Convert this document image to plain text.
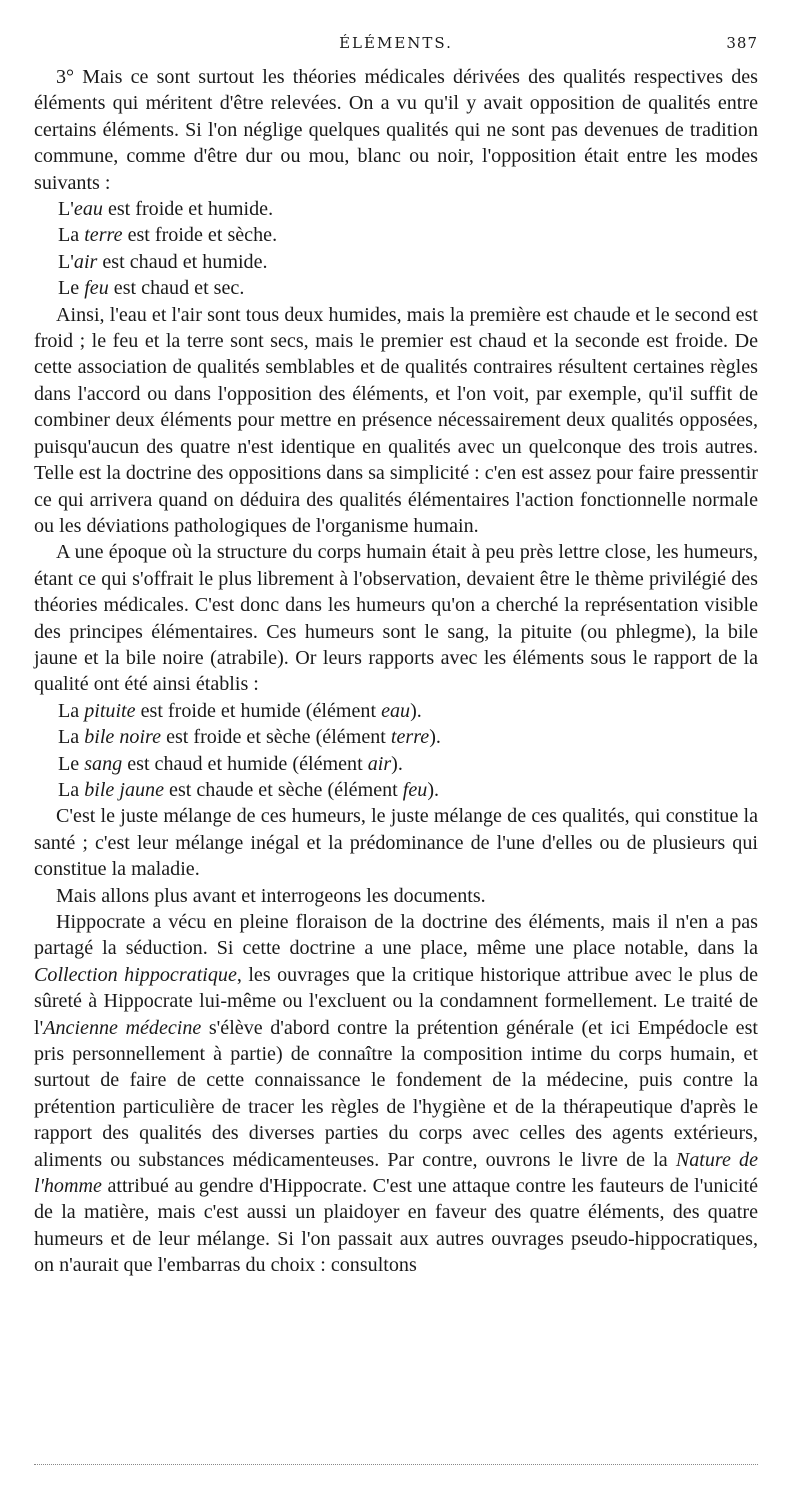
ÉLÉMENTS.	387

3° Mais ce sont surtout les théories médicales dérivées des qualités respectives des éléments qui méritent d'être relevées. On a vu qu'il y avait opposition de qualités entre certains éléments. Si l'on néglige quelques qualités qui ne sont pas devenues de tradition commune, comme d'être dur ou mou, blanc ou noir, l'opposition était entre les modes suivants :

L'eau est froide et humide.
La terre est froide et sèche.
L'air est chaud et humide.
Le feu est chaud et sec.

Ainsi, l'eau et l'air sont tous deux humides, mais la première est chaude et le second est froid ; le feu et la terre sont secs, mais le premier est chaud et la seconde est froide. De cette association de qualités semblables et de qualités contraires résultent certaines règles dans l'accord ou dans l'opposition des éléments, et l'on voit, par exemple, qu'il suffit de combiner deux éléments pour mettre en présence nécessairement deux qualités opposées, puisqu'aucun des quatre n'est identique en qualités avec un quelconque des trois autres. Telle est la doctrine des oppositions dans sa simplicité : c'en est assez pour faire pressentir ce qui arrivera quand on déduira des qualités élémentaires l'action fonctionnelle normale ou les déviations pathologiques de l'organisme humain.

A une époque où la structure du corps humain était à peu près lettre close, les humeurs, étant ce qui s'offrait le plus librement à l'observation, devaient être le thème privilégié des théories médicales. C'est donc dans les humeurs qu'on a cherché la représentation visible des principes élémentaires. Ces humeurs sont le sang, la pituite (ou phlegme), la bile jaune et la bile noire (atrabile). Or leurs rapports avec les éléments sous le rapport de la qualité ont été ainsi établis :

La pituite est froide et humide (élément eau).
La bile noire est froide et sèche (élément terre).
Le sang est chaud et humide (élément air).
La bile jaune est chaude et sèche (élément feu).

C'est le juste mélange de ces humeurs, le juste mélange de ces qualités, qui constitue la santé ; c'est leur mélange inégal et la prédominance de l'une d'elles ou de plusieurs qui constitue la maladie.

Mais allons plus avant et interrogeons les documents.

Hippocrate a vécu en pleine floraison de la doctrine des éléments, mais il n'en a pas partagé la séduction. Si cette doctrine a une place, même une place notable, dans la Collection hippocratique, les ouvrages que la critique historique attribue avec le plus de sûreté à Hippocrate lui-même ou l'excluent ou la condamnent formellement. Le traité de l'Ancienne médecine s'élève d'abord contre la prétention générale (et ici Empédocle est pris personnellement à partie) de connaître la composition intime du corps humain, et surtout de faire de cette connaissance le fondement de la médecine, puis contre la prétention particulière de tracer les règles de l'hygiène et de la thérapeutique d'après le rapport des qualités des diverses parties du corps avec celles des agents extérieurs, aliments ou substances médicamenteuses. Par contre, ouvrons le livre de la Nature de l'homme attribué au gendre d'Hippocrate. C'est une attaque contre les fauteurs de l'unicité de la matière, mais c'est aussi un plaidoyer en faveur des quatre éléments, des quatre humeurs et de leur mélange. Si l'on passait aux autres ouvrages pseudo-hippocratiques, on n'aurait que l'embarras du choix : consultons
